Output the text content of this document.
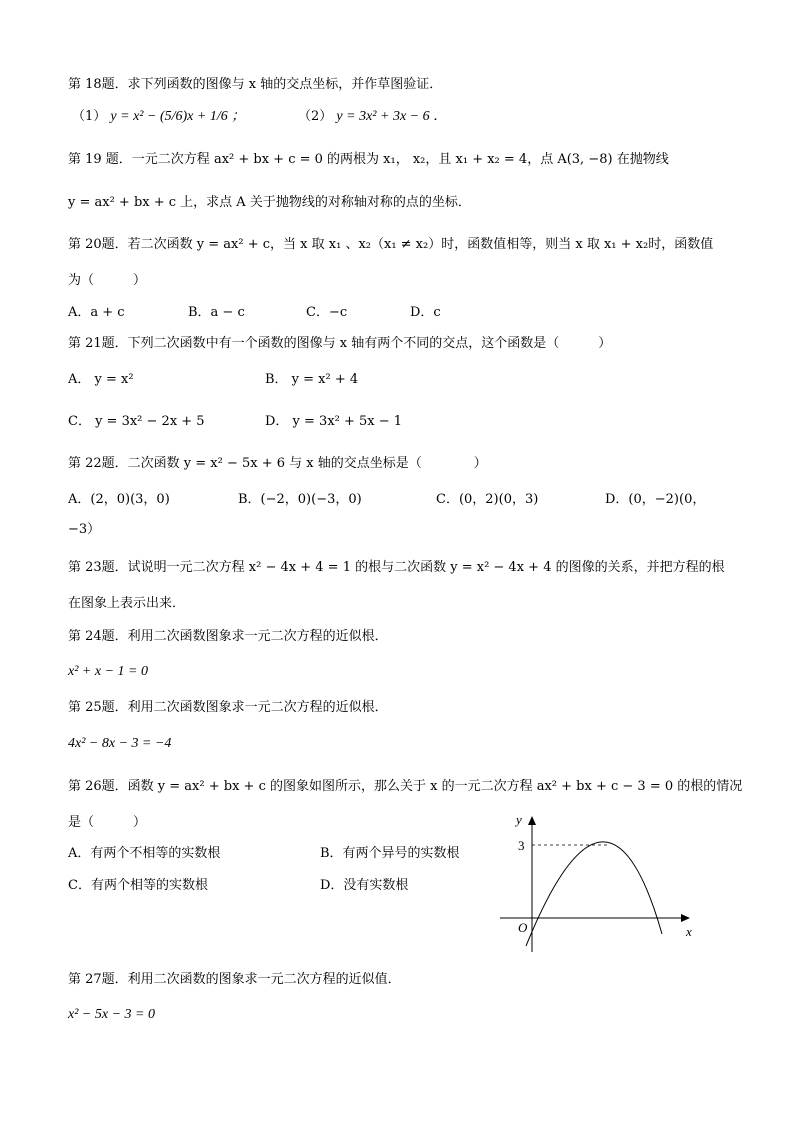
第 18题．求下列函数的图像与 x 轴的交点坐标，并作草图验证．
（1） y = x² − (5/6)x + 1/6 ；	（2） y = 3x² + 3x − 6 ．
第 19 题．一元二次方程 ax² + bx + c = 0 的两根为 x₁， x₂，且 x₁ + x₂ = 4，点 A(3, −8) 在抛物线
y = ax² + bx + c 上，求点 A 关于抛物线的对称轴对称的点的坐标．
第 20题．若二次函数 y = ax² + c，当 x 取 x₁ 、x₂（x₁ ≠ x₂）时，函数值相等，则当 x 取 x₁ + x₂时，函数值
为（　　　）
A．a + c	B．a − c	C．−c	D．c
第 21题．下列二次函数中有一个函数的图像与 x 轴有两个不同的交点，这个函数是（　　　）
A． y = x²	B． y = x² + 4
C． y = 3x² − 2x + 5	D． y = 3x² + 5x − 1
第 22题．二次函数 y = x² − 5x + 6 与 x 轴的交点坐标是（　　　　）
A．(2，0)(3，0)	B．(−2，0)(−3，0)	C．(0，2)(0，3)	D．(0，−2)(0，
−3）
第 23题．试说明一元二次方程 x² − 4x + 4 = 1 的根与二次函数 y = x² − 4x + 4 的图像的关系，并把方程的根
在图象上表示出来．
第 24题．利用二次函数图象求一元二次方程的近似根．
x² + x − 1 = 0
第 25题．利用二次函数图象求一元二次方程的近似根．
4x² − 8x − 3 = −4
第 26题．函数 y = ax² + bx + c 的图象如图所示，那么关于 x 的一元二次方程 ax² + bx + c − 3 = 0 的根的情况
是（　　　）
A．有两个不相等的实数根	B．有两个异号的实数根
C．有两个相等的实数根	D．没有实数根
y
x
O
3
第 27题．利用二次函数的图象求一元二次方程的近似值．
x² − 5x − 3 = 0
